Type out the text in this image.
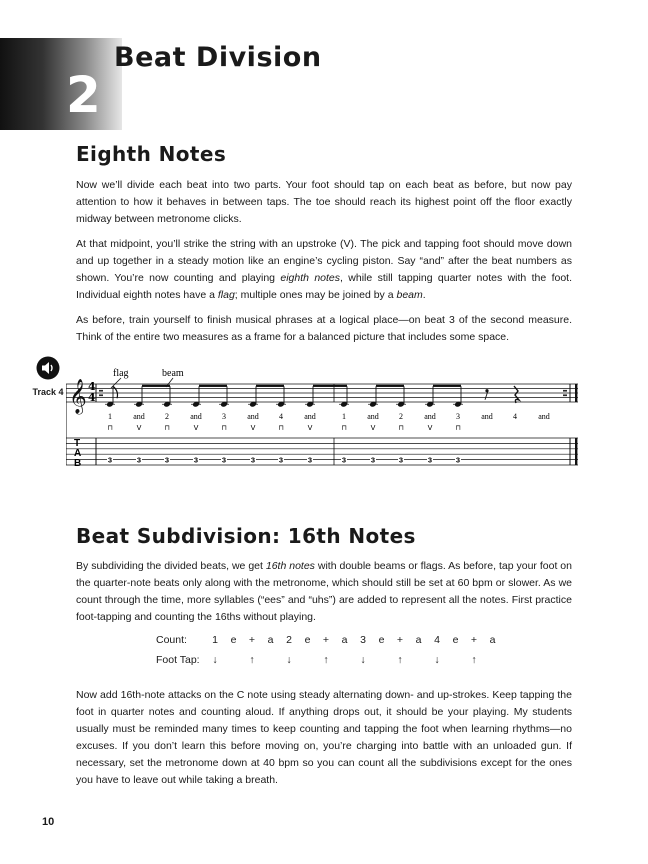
2
Beat Division
Eighth Notes

Now we’ll divide each beat into two parts. Your foot should tap on each beat as before, but now pay attention to how it behaves in between taps. The toe should reach its highest point off the floor exactly midway between metronome clicks.

At that midpoint, you’ll strike the string with an upstroke (V). The pick and tapping foot should move down and up together in a steady motion like an engine’s cycling piston. Say “and” after the beat numbers as shown. You’re now counting and playing eighth notes, while still tapping quarter notes with the foot. Individual eighth notes have a flag; multiple ones may be joined by a beam.

As before, train yourself to finish musical phrases at a logical place—on beat 3 of the second measure. Think of the entire two measures as a frame for a balanced picture that includes some space.

Track 4 𝄞 4
4
T
A
B
1	and	2	and	3	and	4	and	1	and	2	and	3	and	4	and
⊓	V	⊓	V	⊓	V	⊓	V	⊓	V	⊓	V	⊓
3	3	3	3	3	3	3	3	3	3	3	3	3
flag	beam
Beat Subdivision: 16th Notes

By subdividing the divided beats, we get 16th notes with double beams or flags. As before, tap your foot on the quarter-note beats only along with the metronome, which should still be set at 60 bpm or slower. As we count through the time, more syllables (“ees” and “uhs”) are added to represent all the notes. First practice foot-tapping and counting the 16ths without playing.

Count:	1	e	+	a	2	e	+	a	3	e	+	a	4	e	+	a
Foot Tap:	↓	↑	↓	↑	↓	↑	↓	↑

Now add 16th-note attacks on the C note using steady alternating down- and up-strokes. Keep tapping the foot in quarter notes and counting aloud. If anything drops out, it should be your playing. My students usually must be reminded many times to keep counting and tapping the foot when learning rhythms—no excuses. If you don’t learn this before moving on, you’re charging into battle with an unloaded gun. If necessary, set the metronome down at 40 bpm so you can count all the subdivisions except for the ones you have to leave out while taking a breath.

10
